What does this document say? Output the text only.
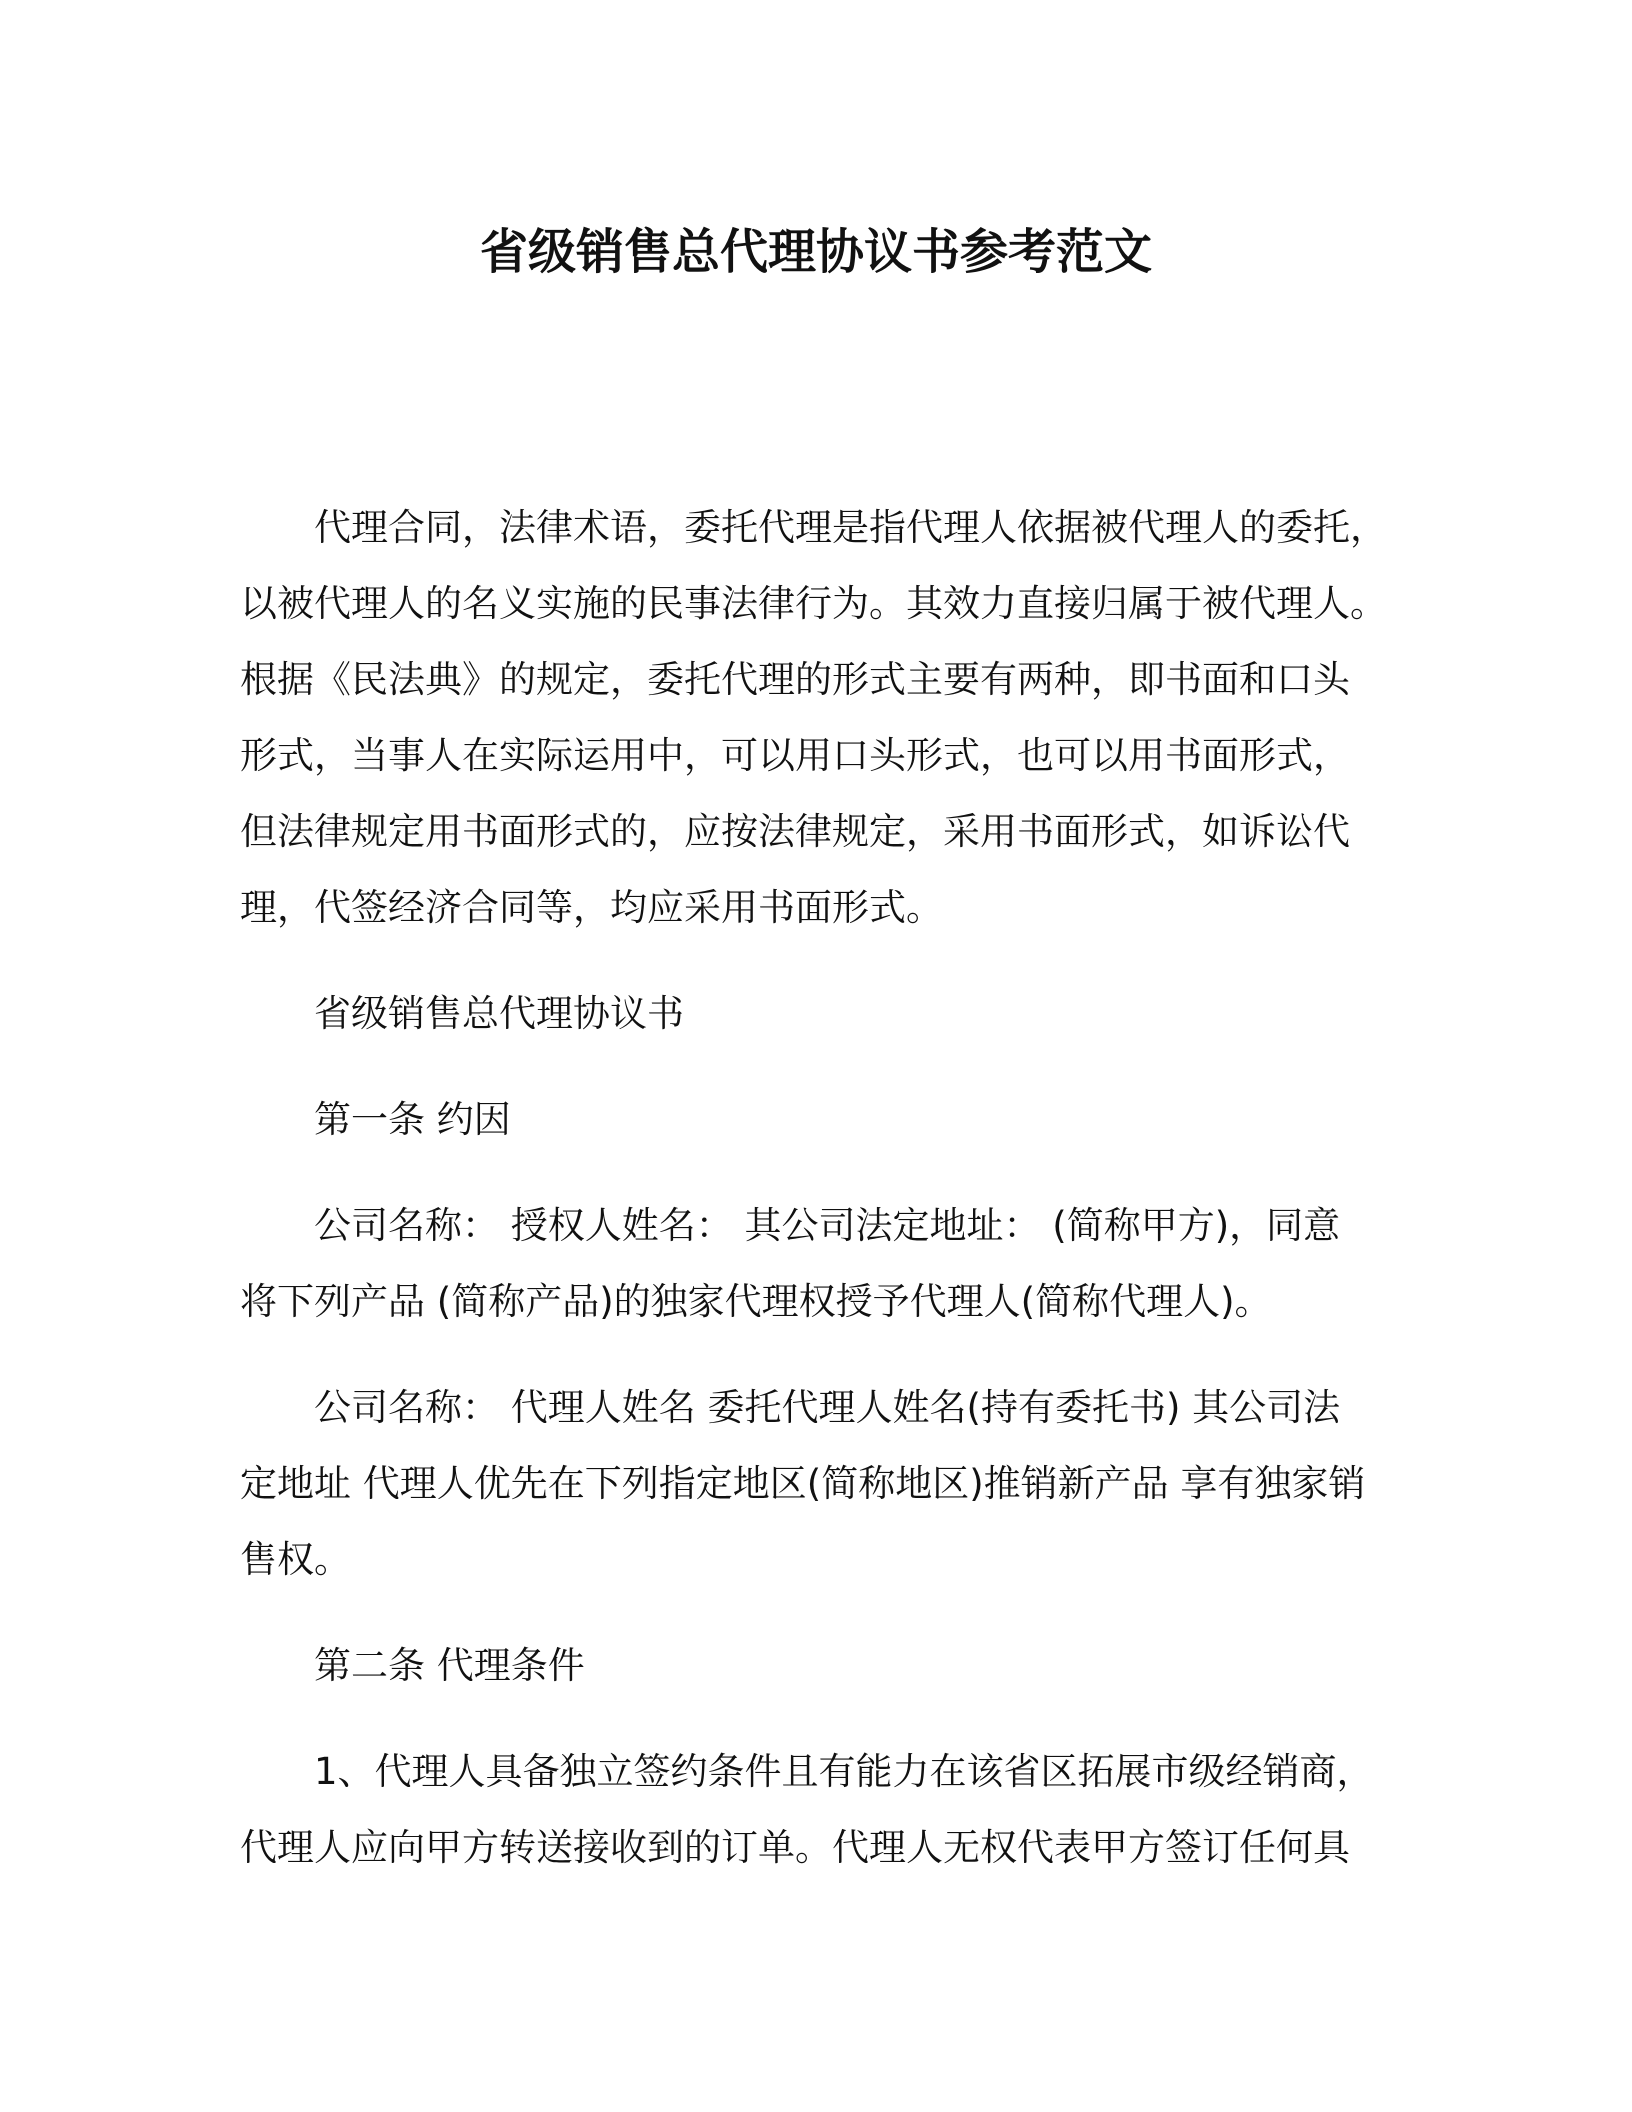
省级销售总代理协议书参考范文

代理合同，法律术语，委托代理是指代理人依据被代理人的委托，
以被代理人的名义实施的民事法律行为。其效力直接归属于被代理人。
根据《民法典》的规定，委托代理的形式主要有两种，即书面和口头
形式，当事人在实际运用中，可以用口头形式，也可以用书面形式，
但法律规定用书面形式的，应按法律规定，采用书面形式，如诉讼代
理，代签经济合同等，均应采用书面形式。

省级销售总代理协议书

第一条 约因

公司名称： 授权人姓名： 其公司法定地址： (简称甲方)，同意
将下列产品 (简称产品)的独家代理权授予代理人(简称代理人)。

公司名称： 代理人姓名 委托代理人姓名(持有委托书) 其公司法
定地址 代理人优先在下列指定地区(简称地区)推销新产品 享有独家销
售权。

第二条 代理条件

1、代理人具备独立签约条件且有能力在该省区拓展市级经销商，
代理人应向甲方转送接收到的订单。代理人无权代表甲方签订任何具
